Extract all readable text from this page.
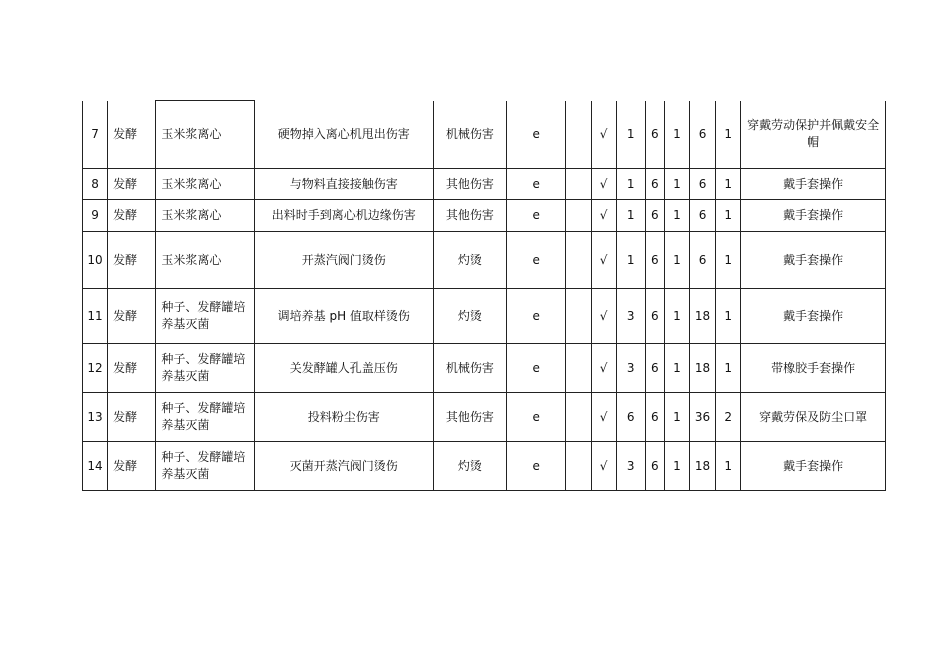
7	发酵	玉米浆离心	硬物掉入离心机甩出伤害	机械伤害	e		√	1	6	1	6	1	穿戴劳动保护并佩戴安全帽
8	发酵	玉米浆离心	与物料直接接触伤害	其他伤害	e		√	1	6	1	6	1	戴手套操作
9	发酵	玉米浆离心	出料时手到离心机边缘伤害	其他伤害	e		√	1	6	1	6	1	戴手套操作
10	发酵	玉米浆离心	开蒸汽阀门烫伤	灼烫	e		√	1	6	1	6	1	戴手套操作
11	发酵	种子、发酵罐培养基灭菌	调培养基 pH 值取样烫伤	灼烫	e		√	3	6	1	18	1	戴手套操作
12	发酵	种子、发酵罐培养基灭菌	关发酵罐人孔盖压伤	机械伤害	e		√	3	6	1	18	1	带橡胶手套操作
13	发酵	种子、发酵罐培养基灭菌	投料粉尘伤害	其他伤害	e		√	6	6	1	36	2	穿戴劳保及防尘口罩
14	发酵	种子、发酵罐培养基灭菌	灭菌开蒸汽阀门烫伤	灼烫	e		√	3	6	1	18	1	戴手套操作
